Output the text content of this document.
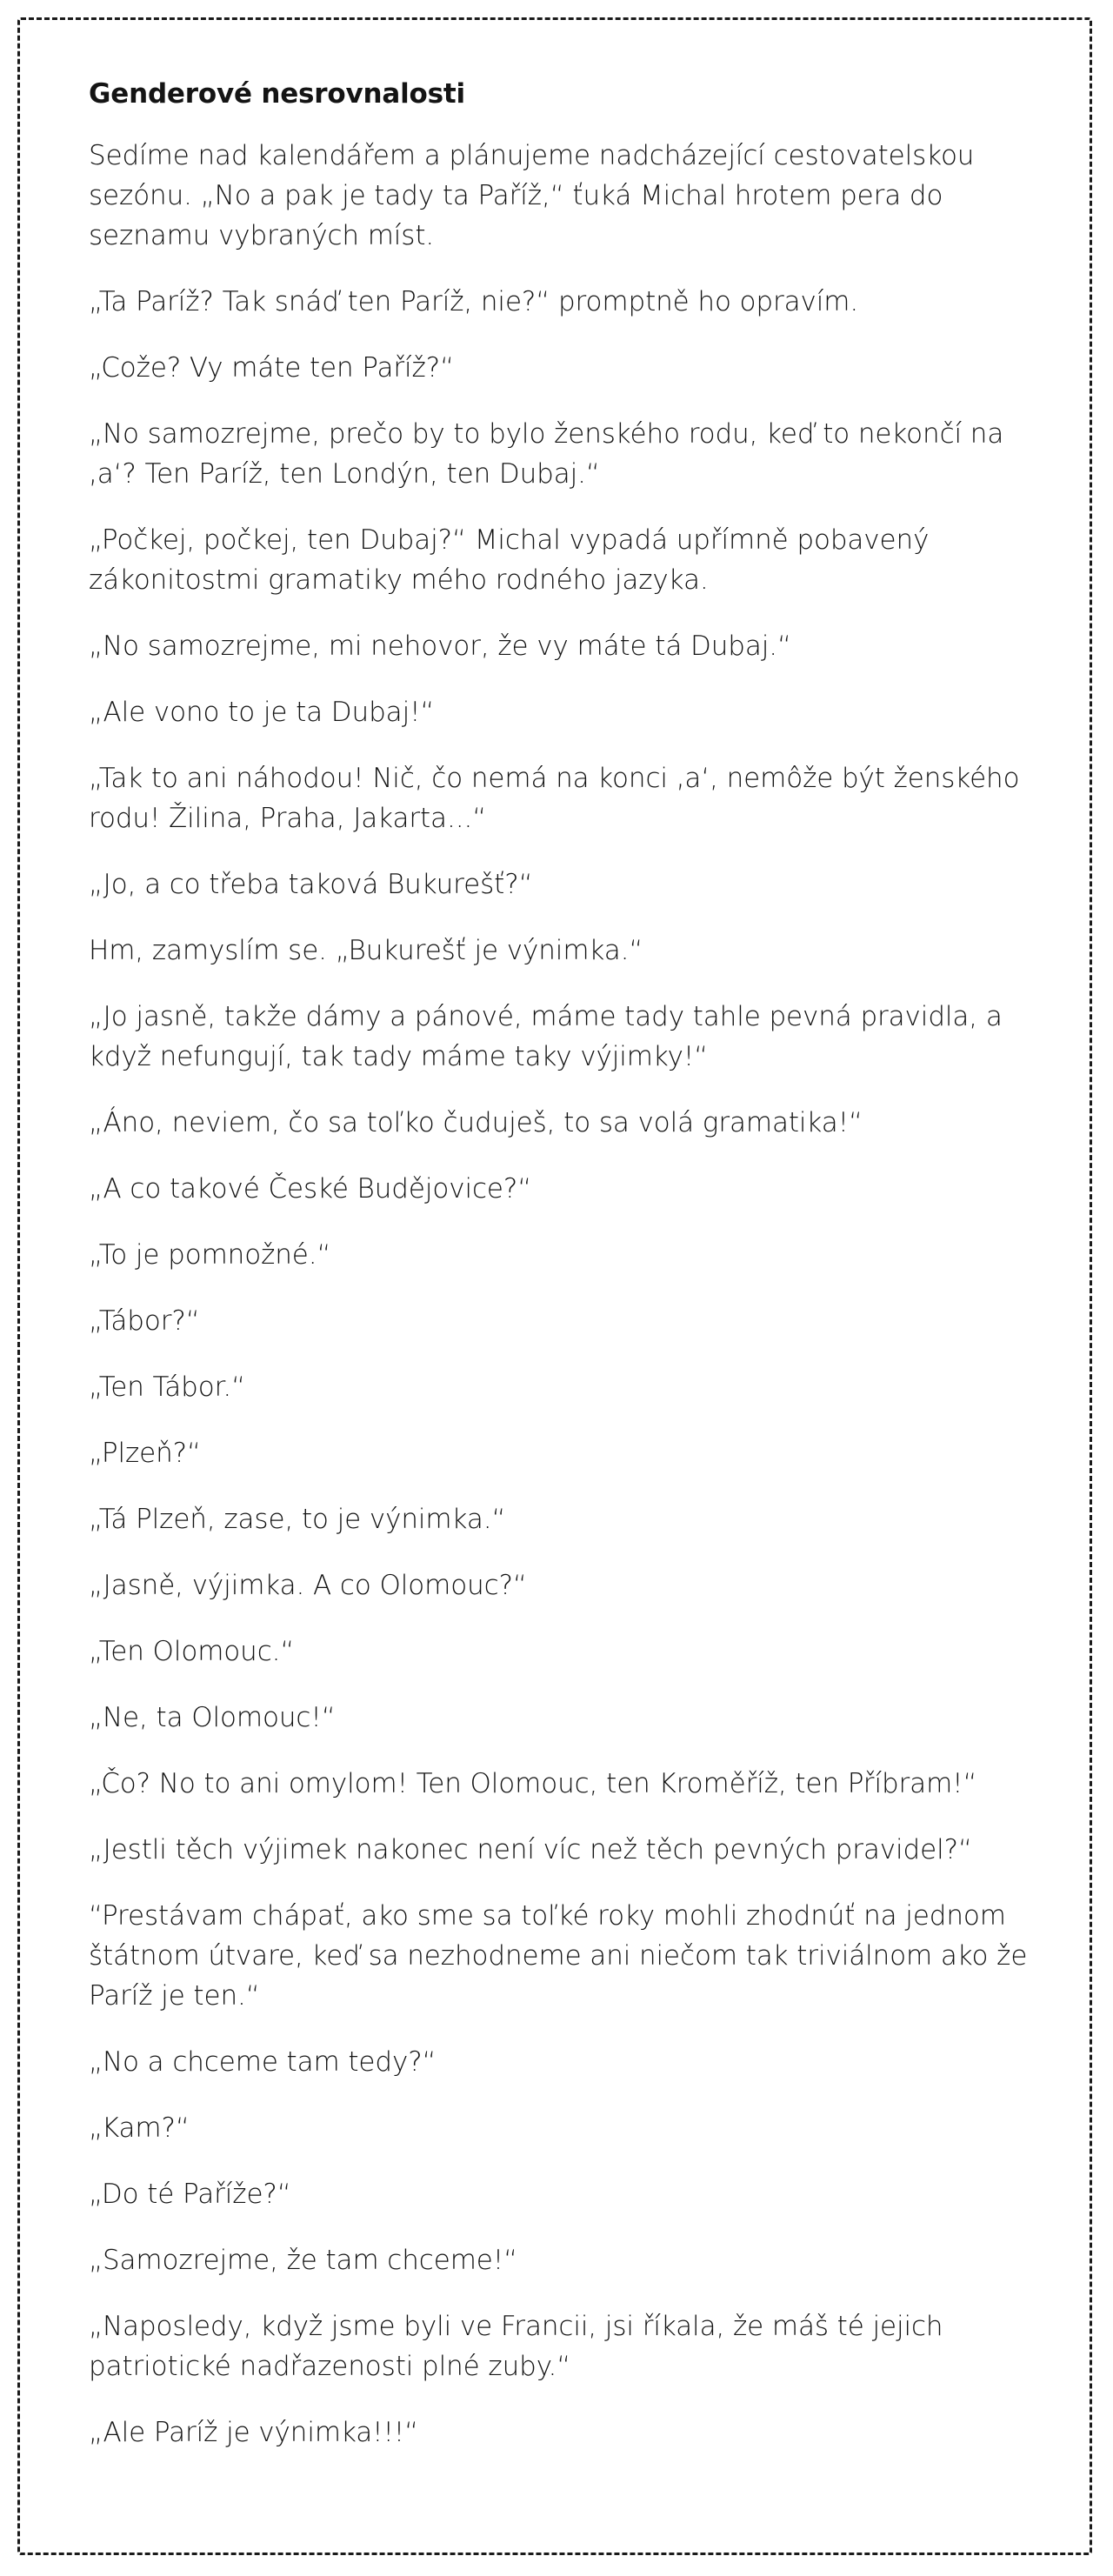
Genderové nesrovnalosti

Sedíme nad kalendářem a plánujeme nadcházející cestovatelskou sezónu. „No a pak je tady ta Paříž,“ ťuká Michal hrotem pera do seznamu vybraných míst.

„Ta Paríž? Tak snáď ten Paríž, nie?“ promptně ho opravím.

„Cože? Vy máte ten Paříž?“

„No samozrejme, prečo by to bylo ženského rodu, keď to nekončí na ‚a‘? Ten Paríž, ten Londýn, ten Dubaj.“

„Počkej, počkej, ten Dubaj?“ Michal vypadá upřímně pobavený zákonitostmi gramatiky mého rodného jazyka.

„No samozrejme, mi nehovor, že vy máte tá Dubaj.“

„Ale vono to je ta Dubaj!“

„Tak to ani náhodou! Nič, čo nemá na konci ‚a‘, nemôže být ženského rodu! Žilina, Praha, Jakarta...“

„Jo, a co třeba taková Bukurešť?“

Hm, zamyslím se. „Bukurešť je výnimka.“

„Jo jasně, takže dámy a pánové, máme tady tahle pevná pravidla, a když nefungují, tak tady máme taky výjimky!“

„Áno, neviem, čo sa toľko čuduješ, to sa volá gramatika!“

„A co takové České Budějovice?“

„To je pomnožné.“

„Tábor?“

„Ten Tábor.“

„Plzeň?“

„Tá Plzeň, zase, to je výnimka.“

„Jasně, výjimka. A co Olomouc?“

„Ten Olomouc.“

„Ne, ta Olomouc!“

„Čo? No to ani omylom! Ten Olomouc, ten Kroměříž, ten Příbram!“

„Jestli těch výjimek nakonec není víc než těch pevných pravidel?“

“Prestávam chápať, ako sme sa toľké roky mohli zhodnúť na jednom štátnom útvare, keď sa nezhodneme ani niečom tak triviálnom ako že Paríž je ten.“

„No a chceme tam tedy?“

„Kam?“

„Do té Paříže?“

„Samozrejme, že tam chceme!“

„Naposledy, když jsme byli ve Francii, jsi říkala, že máš té jejich patriotické nadřazenosti plné zuby.“

„Ale Paríž je výnimka!!!“
